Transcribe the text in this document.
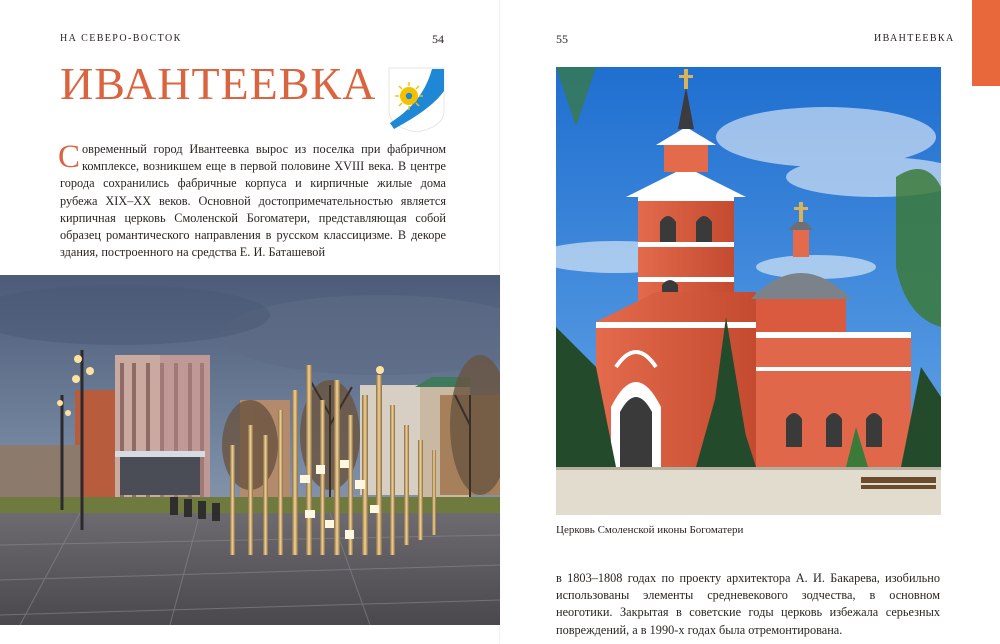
НА СЕВЕРО-ВОСТОК	54
ИВАНТЕЕВКА

Современный город Ивантеевка вырос из поселка при фабричном комплексе, возникшем еще в первой половине XVIII века. В центре города сохранились фабричные корпуса и кирпичные жилые дома рубежа XIX–XX веков. Основной достопримечательностью является кирпичная церковь Смоленской Богоматери, представляющая собой образец романтического направления в русском классицизме. В декоре здания, построенного на средства Е. И. Баташевой

55	ИВАНТЕЕВКА
Церковь Смоленской иконы Богоматери
в 1803–1808 годах по проекту архитектора А. И. Бакарева, изобильно использованы элементы средневекового зодчества, в основном неоготики. Закрытая в советские годы церковь избежала серьезных повреждений, а в 1990-х годах была отремонтирована.
